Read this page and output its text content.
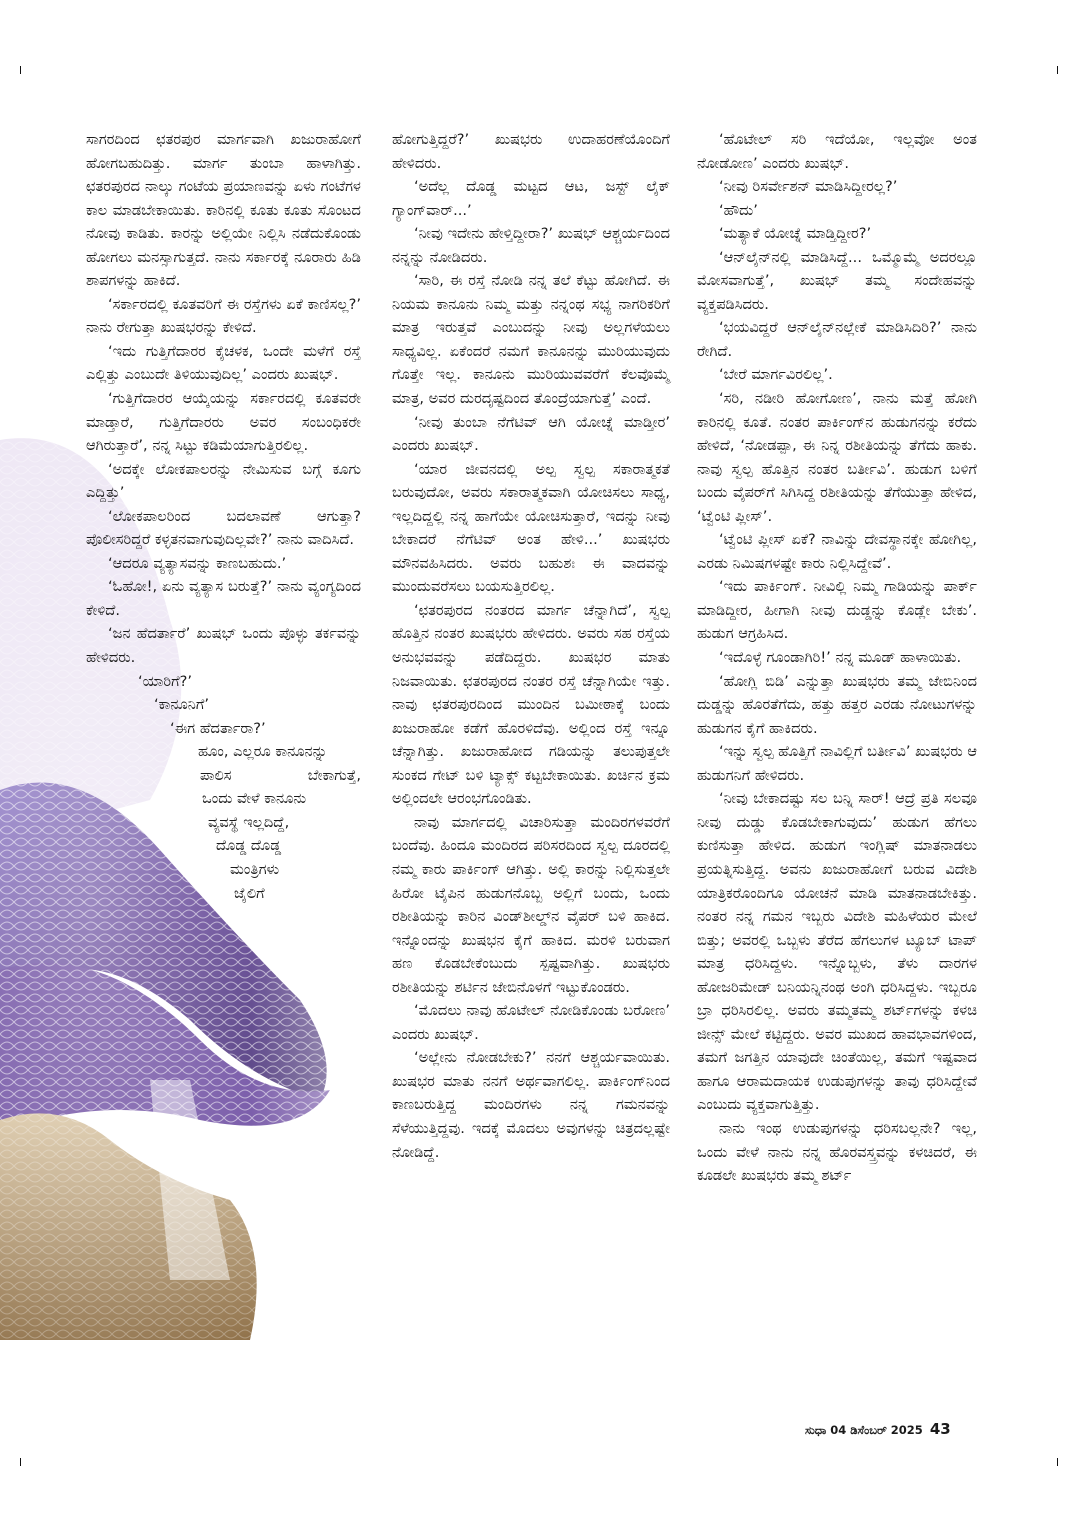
ಸಾಗರದಿಂದ ಛತರಪುರ ಮಾರ್ಗವಾಗಿ ಖಜುರಾಹೋಗೆ ಹೋಗಬಹುದಿತ್ತು. ಮಾರ್ಗ ತುಂಬಾ ಹಾಳಾಗಿತ್ತು. ಛತರಪುರದ ನಾಲ್ಕು ಗಂಟೆಯ ಪ್ರಯಾಣವನ್ನು ಏಳು ಗಂಟೆಗಳ ಕಾಲ ಮಾಡಬೇಕಾಯಿತು. ಕಾರಿನಲ್ಲಿ ಕೂತು ಕೂತು ಸೊಂಟದ ನೋವು ಕಾಡಿತು. ಕಾರನ್ನು ಅಲ್ಲಿಯೇ ನಿಲ್ಲಿಸಿ ನಡೆದುಕೊಂಡು ಹೋಗಲು ಮನಸ್ಸಾಗುತ್ತದೆ. ನಾನು ಸರ್ಕಾರಕ್ಕೆ ನೂರಾರು ಹಿಡಿ ಶಾಪಗಳನ್ನು ಹಾಕಿದೆ.

‘ಸರ್ಕಾರದಲ್ಲಿ ಕೂತವರಿಗೆ ಈ ರಸ್ತೆಗಳು ಏಕೆ ಕಾಣಿಸಲ್ಲ?’ ನಾನು ರೇಗುತ್ತಾ ಖುಷಭರನ್ನು ಕೇಳಿದೆ.

‘ಇದು ಗುತ್ತಿಗೆದಾರರ ಕೈಚಳಕ, ಒಂದೇ ಮಳೆಗೆ ರಸ್ತೆ ಎಲ್ಲಿತ್ತು ಎಂಬುದೇ ತಿಳಿಯುವುದಿಲ್ಲ’ ಎಂದರು ಖುಷಭ್.

‘ಗುತ್ತಿಗೆದಾರರ ಆಯ್ಕೆಯನ್ನು ಸರ್ಕಾರದಲ್ಲಿ ಕೂತವರೇ ಮಾಡ್ತಾರೆ, ಗುತ್ತಿಗೆದಾರರು ಅವರ ಸಂಬಂಧಿಕರೇ ಆಗಿರುತ್ತಾರೆ’, ನನ್ನ ಸಿಟ್ಟು ಕಡಿಮೆಯಾಗುತ್ತಿರಲಿಲ್ಲ.

‘ಅದಕ್ಕೇ ಲೋಕಪಾಲರನ್ನು ನೇಮಿಸುವ ಬಗ್ಗೆ ಕೂಗು ಎದ್ದಿತ್ತು’

‘ಲೋಕಪಾಲರಿಂದ ಬದಲಾವಣೆ ಆಗುತ್ತಾ? ಪೊಲೀಸರಿದ್ದರೆ ಕಳ್ಳತನವಾಗುವುದಿಲ್ಲವೇ?’ ನಾನು ವಾದಿಸಿದೆ.

‘ಆದರೂ ವ್ಯತ್ಯಾಸವನ್ನು ಕಾಣಬಹುದು.’

‘ಓಹೋ!, ಏನು ವ್ಯತ್ಯಾಸ ಬರುತ್ತೆ?’ ನಾನು ವ್ಯಂಗ್ಯದಿಂದ ಕೇಳಿದೆ.

‘ಜನ ಹೆದರ್ತಾರೆ’ ಖುಷಭ್ ಒಂದು ಪೊಳ್ಳು ತರ್ಕವನ್ನು ಹೇಳಿದರು.

‘ಯಾರಿಗೆ?’

‘ಕಾನೂನಿಗೆ’

‘ಈಗ ಹೆದರ್ತಾರಾ?’

ಹೂಂ, ಎಲ್ಲರೂ ಕಾನೂನನ್ನು
ಪಾಲಿಸ ಬೇಕಾಗುತ್ತೆ,
ಒಂದು ವೇಳೆ ಕಾನೂನು
ವ್ಯವಸ್ಥೆ ಇಲ್ಲದಿದ್ದೆ,
ದೊಡ್ಡ ದೊಡ್ಡ
ಮಂತ್ರಿಗಳು
ಜೈಲಿಗೆ

ಹೋಗುತ್ತಿದ್ದರೆ?’ ಖುಷಭರು ಉದಾಹರಣೆಯೊಂದಿಗೆ ಹೇಳಿದರು.

‘ಅದೆಲ್ಲ ದೊಡ್ಡ ಮಟ್ಟದ ಆಟ, ಜಸ್ಟ್ ಲೈಕ್ ಗ್ಯಾಂಗ್‌ವಾರ್...’

‘ನೀವು ಇದೇನು ಹೇಳ್ತಿದ್ದೀರಾ?’ ಖುಷಭ್ ಆಶ್ಚರ್ಯದಿಂದ ನನ್ನನ್ನು ನೋಡಿದರು.

‘ಸಾರಿ, ಈ ರಸ್ತೆ ನೋಡಿ ನನ್ನ ತಲೆ ಕೆಟ್ಟು ಹೋಗಿದೆ. ಈ ನಿಯಮ ಕಾನೂನು ನಿಮ್ಮ ಮತ್ತು ನನ್ನಂಥ ಸಭ್ಯ ನಾಗರಿಕರಿಗೆ ಮಾತ್ರ ಇರುತ್ತವೆ ಎಂಬುದನ್ನು ನೀವು ಅಲ್ಲಗಳೆಯಲು ಸಾಧ್ಯವಿಲ್ಲ. ಏಕೆಂದರೆ ನಮಗೆ ಕಾನೂನನ್ನು ಮುರಿಯುವುದು ಗೊತ್ತೇ ಇಲ್ಲ. ಕಾನೂನು ಮುರಿಯುವವರೆಗೆ ಕೆಲವೊಮ್ಮೆ ಮಾತ್ರ, ಅವರ ದುರದೃಷ್ಟದಿಂದ ತೊಂದ್ರೆಯಾಗುತ್ತೆ’ ಎಂದೆ.

‘ನೀವು ತುಂಬಾ ನೆಗೆಟಿವ್ ಆಗಿ ಯೋಚ್ನೆ ಮಾಡ್ತೀರ’ ಎಂದರು ಖುಷಭ್.

‘ಯಾರ ಜೀವನದಲ್ಲಿ ಅಲ್ಪ ಸ್ವಲ್ಪ ಸಕಾರಾತ್ಮಕತೆ ಬರುವುದೋ, ಅವರು ಸಕಾರಾತ್ಮಕವಾಗಿ ಯೋಚಿಸಲು ಸಾಧ್ಯ, ಇಲ್ಲದಿದ್ದಲ್ಲಿ ನನ್ನ ಹಾಗೆಯೇ ಯೋಚಿಸುತ್ತಾರೆ, ಇದನ್ನು ನೀವು ಬೇಕಾದರೆ ನೆಗೆಟಿವ್ ಅಂತ ಹೇಳಿ...’ ಖುಷಭರು ಮೌನವಹಿಸಿದರು. ಅವರು ಬಹುಶಃ ಈ ವಾದವನ್ನು ಮುಂದುವರೆಸಲು ಬಯಸುತ್ತಿರಲಿಲ್ಲ.

‘ಛತರಪುರದ ನಂತರದ ಮಾರ್ಗ ಚೆನ್ನಾಗಿದೆ’, ಸ್ವಲ್ಪ ಹೊತ್ತಿನ ನಂತರ ಖುಷಭರು ಹೇಳಿದರು. ಅವರು ಸಹ ರಸ್ತೆಯ ಅನುಭವವನ್ನು ಪಡೆದಿದ್ದರು. ಖುಷಭರ ಮಾತು ನಿಜವಾಯಿತು. ಛತರಪುರದ ನಂತರ ರಸ್ತೆ ಚೆನ್ನಾಗಿಯೇ ಇತ್ತು. ನಾವು ಛತರಪುರದಿಂದ ಮುಂದಿನ ಬಮೀಠಾಕ್ಕೆ ಬಂದು ಖಜುರಾಹೋ ಕಡೆಗೆ ಹೊರಳಿದೆವು. ಅಲ್ಲಿಂದ ರಸ್ತೆ ಇನ್ನೂ ಚೆನ್ನಾಗಿತ್ತು. ಖಜುರಾಹೋದ ಗಡಿಯನ್ನು ತಲುಪುತ್ತಲೇ ಸುಂಕದ ಗೇಟ್ ಬಳಿ ಟ್ಯಾಕ್ಸ್ ಕಟ್ಟಬೇಕಾಯಿತು. ಖರ್ಚಿನ ಕ್ರಮ ಅಲ್ಲಿಂದಲೇ ಆರಂಭಗೊಂಡಿತು.

ನಾವು ಮಾರ್ಗದಲ್ಲಿ ವಿಚಾರಿಸುತ್ತಾ ಮಂದಿರಗಳವರೆಗೆ ಬಂದೆವು. ಹಿಂದೂ ಮಂದಿರದ ಪರಿಸರದಿಂದ ಸ್ವಲ್ಪ ದೂರದಲ್ಲಿ ನಮ್ಮ ಕಾರು ಪಾರ್ಕಿಂಗ್ ಆಗಿತ್ತು. ಅಲ್ಲಿ ಕಾರನ್ನು ನಿಲ್ಲಿಸುತ್ತಲೇ ಹಿರೋ ಟೈಪಿನ ಹುಡುಗನೊಬ್ಬ ಅಲ್ಲಿಗೆ ಬಂದು, ಒಂದು ರಶೀತಿಯನ್ನು ಕಾರಿನ ವಿಂಡ್‌ಶೀಲ್ಡ್‌ನ ವೈಪರ್ ಬಳಿ ಹಾಕಿದ. ಇನ್ನೊಂದನ್ನು ಖುಷಭನ ಕೈಗೆ ಹಾಕಿದ. ಮರಳಿ ಬರುವಾಗ ಹಣ ಕೊಡಬೇಕೆಂಬುದು ಸ್ಪಷ್ಟವಾಗಿತ್ತು. ಖುಷಭರು ರಶೀತಿಯನ್ನು ಶರ್ಟಿನ ಜೇಬಿನೊಳಗೆ ಇಟ್ಟುಕೊಂಡರು.

‘ಮೊದಲು ನಾವು ಹೊಟೇಲ್ ನೋಡಿಕೊಂಡು ಬರೋಣ’ ಎಂದರು ಖುಷಭ್.

‘ಅಲ್ಲೇನು ನೋಡಬೇಕು?’ ನನಗೆ ಆಶ್ಚರ್ಯವಾಯಿತು. ಖುಷಭರ ಮಾತು ನನಗೆ ಅರ್ಥವಾಗಲಿಲ್ಲ. ಪಾರ್ಕಿಂಗ್‌ನಿಂದ ಕಾಣಬರುತ್ತಿದ್ದ ಮಂದಿರಗಳು ನನ್ನ ಗಮನವನ್ನು ಸೆಳೆಯುತ್ತಿದ್ದವು. ಇದಕ್ಕೆ ಮೊದಲು ಅವುಗಳನ್ನು ಚಿತ್ರದಲ್ಲಷ್ಟೇ ನೋಡಿದ್ದೆ.

‘ಹೊಟೇಲ್ ಸರಿ ಇದೆಯೋ, ಇಲ್ಲವೋ ಅಂತ ನೋಡೋಣ’ ಎಂದರು ಖುಷಭ್.

‘ನೀವು ರಿಸರ್ವೇಶನ್ ಮಾಡಿಸಿದ್ದೀರಲ್ಲ?’

‘ಹೌದು’

‘ಮತ್ಯಾಕೆ ಯೋಚ್ನೆ ಮಾಡ್ತಿದ್ದೀರ?’

‘ಆನ್‌ಲೈನ್‌ನಲ್ಲಿ ಮಾಡಿಸಿದ್ದೆ... ಒಮ್ಮೊಮ್ಮೆ ಅದರಲ್ಲೂ ಮೋಸವಾಗುತ್ತೆ’, ಖುಷಭ್ ತಮ್ಮ ಸಂದೇಹವನ್ನು ವ್ಯಕ್ತಪಡಿಸಿದರು.

‘ಭಯವಿದ್ದರೆ ಆನ್‌ಲೈನ್‌ನಲ್ಲೇಕೆ ಮಾಡಿಸಿದಿರಿ?’ ನಾನು ರೇಗಿದೆ.

‘ಬೇರೆ ಮಾರ್ಗವಿರಲಿಲ್ಲ’.

‘ಸರಿ, ನಡೀರಿ ಹೋಗೋಣ’, ನಾನು ಮತ್ತೆ ಹೋಗಿ ಕಾರಿನಲ್ಲಿ ಕೂತೆ. ನಂತರ ಪಾರ್ಕಿಂಗ್‌ನ ಹುಡುಗನನ್ನು ಕರೆದು ಹೇಳಿದೆ, ‘ನೋಡಪ್ಪಾ, ಈ ನಿನ್ನ ರಶೀತಿಯನ್ನು ತೆಗೆದು ಹಾಕು. ನಾವು ಸ್ವಲ್ಪ ಹೊತ್ತಿನ ನಂತರ ಬರ್ತೀವಿ’. ಹುಡುಗ ಬಳಿಗೆ ಬಂದು ವೈಪರ್‌ಗೆ ಸಿಗಿಸಿದ್ದ ರಶೀತಿಯನ್ನು ತೆಗೆಯುತ್ತಾ ಹೇಳಿದ, ‘ಟ್ವೆಂಟಿ ಪ್ಲೀಸ್’.

‘ಟ್ವೆಂಟಿ ಪ್ಲೀಸ್ ಏಕೆ? ನಾವಿನ್ನು ದೇವಸ್ಥಾನಕ್ಕೇ ಹೋಗಿಲ್ಲ, ಎರಡು ನಿಮಿಷಗಳಷ್ಟೇ ಕಾರು ನಿಲ್ಲಿಸಿದ್ದೇವೆ’.

‘ಇದು ಪಾರ್ಕಿಂಗ್. ನೀವಿಲ್ಲಿ ನಿಮ್ಮ ಗಾಡಿಯನ್ನು ಪಾರ್ಕ್ ಮಾಡಿದ್ದೀರ, ಹೀಗಾಗಿ ನೀವು ದುಡ್ಡನ್ನು ಕೊಡ್ಲೇ ಬೇಕು’. ಹುಡುಗ ಆಗ್ರಹಿಸಿದ.

‘ಇದೊಳ್ಳೆ ಗೂಂಡಾಗಿರಿ!’ ನನ್ನ ಮೂಡ್ ಹಾಳಾಯಿತು.

‘ಹೋಗ್ಲಿ ಬಿಡಿ’ ಎನ್ನುತ್ತಾ ಖುಷಭರು ತಮ್ಮ ಜೇಬಿನಿಂದ ದುಡ್ಡನ್ನು ಹೊರತೆಗೆದು, ಹತ್ತು ಹತ್ತರ ಎರಡು ನೋಟುಗಳನ್ನು ಹುಡುಗನ ಕೈಗೆ ಹಾಕಿದರು.

‘ಇನ್ನು ಸ್ವಲ್ಪ ಹೊತ್ತಿಗೆ ನಾವಿಲ್ಲಿಗೆ ಬರ್ತೀವಿ’ ಖುಷಭರು ಆ ಹುಡುಗನಿಗೆ ಹೇಳಿದರು.

‘ನೀವು ಬೇಕಾದಷ್ಟು ಸಲ ಬನ್ನಿ ಸಾರ್! ಆದ್ರೆ ಪ್ರತಿ ಸಲವೂ ನೀವು ದುಡ್ಡು ಕೊಡಬೇಕಾಗುವುದು’ ಹುಡುಗ ಹೆಗಲು ಕುಣಿಸುತ್ತಾ ಹೇಳಿದ. ಹುಡುಗ ಇಂಗ್ಲಿಷ್ ಮಾತನಾಡಲು ಪ್ರಯತ್ನಿಸುತ್ತಿದ್ದ. ಅವನು ಖಜುರಾಹೋಗೆ ಬರುವ ವಿದೇಶಿ ಯಾತ್ರಿಕರೊಂದಿಗೂ ಯೋಚನೆ ಮಾಡಿ ಮಾತನಾಡಬೇಕಿತ್ತು. ನಂತರ ನನ್ನ ಗಮನ ಇಬ್ಬರು ವಿದೇಶಿ ಮಹಿಳೆಯರ ಮೇಲೆ ಬಿತ್ತು; ಅವರಲ್ಲಿ ಒಬ್ಬಳು ತೆರೆದ ಹೆಗಲುಗಳ ಟ್ಯೂಬ್ ಟಾಪ್ ಮಾತ್ರ ಧರಿಸಿದ್ದಳು. ಇನ್ನೊಬ್ಬಳು, ತೆಳು ದಾರಗಳ ಹೋಜರಿಮೇಡ್ ಬನಿಯನ್ನಿನಂಥ ಅಂಗಿ ಧರಿಸಿದ್ದಳು. ಇಬ್ಬರೂ ಬ್ರಾ ಧರಿಸಿರಲಿಲ್ಲ. ಅವರು ತಮ್ಮತಮ್ಮ ಶರ್ಟ್‌ಗಳನ್ನು ಕಳಚಿ ಜೀನ್ಸ್ ಮೇಲೆ ಕಟ್ಟಿದ್ದರು. ಅವರ ಮುಖದ ಹಾವಭಾವಗಳಿಂದ, ತಮಗೆ ಜಗತ್ತಿನ ಯಾವುದೇ ಚಿಂತೆಯಿಲ್ಲ, ತಮಗೆ ಇಷ್ಟವಾದ ಹಾಗೂ ಆರಾಮದಾಯಕ ಉಡುಪುಗಳನ್ನು ತಾವು ಧರಿಸಿದ್ದೇವೆ ಎಂಬುದು ವ್ಯಕ್ತವಾಗುತ್ತಿತ್ತು.

ನಾನು ಇಂಥ ಉಡುಪುಗಳನ್ನು ಧರಿಸಬಲ್ಲನೇ? ಇಲ್ಲ, ಒಂದು ವೇಳೆ ನಾನು ನನ್ನ ಹೊರವಸ್ತ್ರವನ್ನು ಕಳಚಿದರೆ, ಈ ಕೂಡಲೇ ಖುಷಭರು ತಮ್ಮ ಶರ್ಟ್

ಸುಧಾ 04 ಡಿಸೆಂಬರ್ 2025 43
